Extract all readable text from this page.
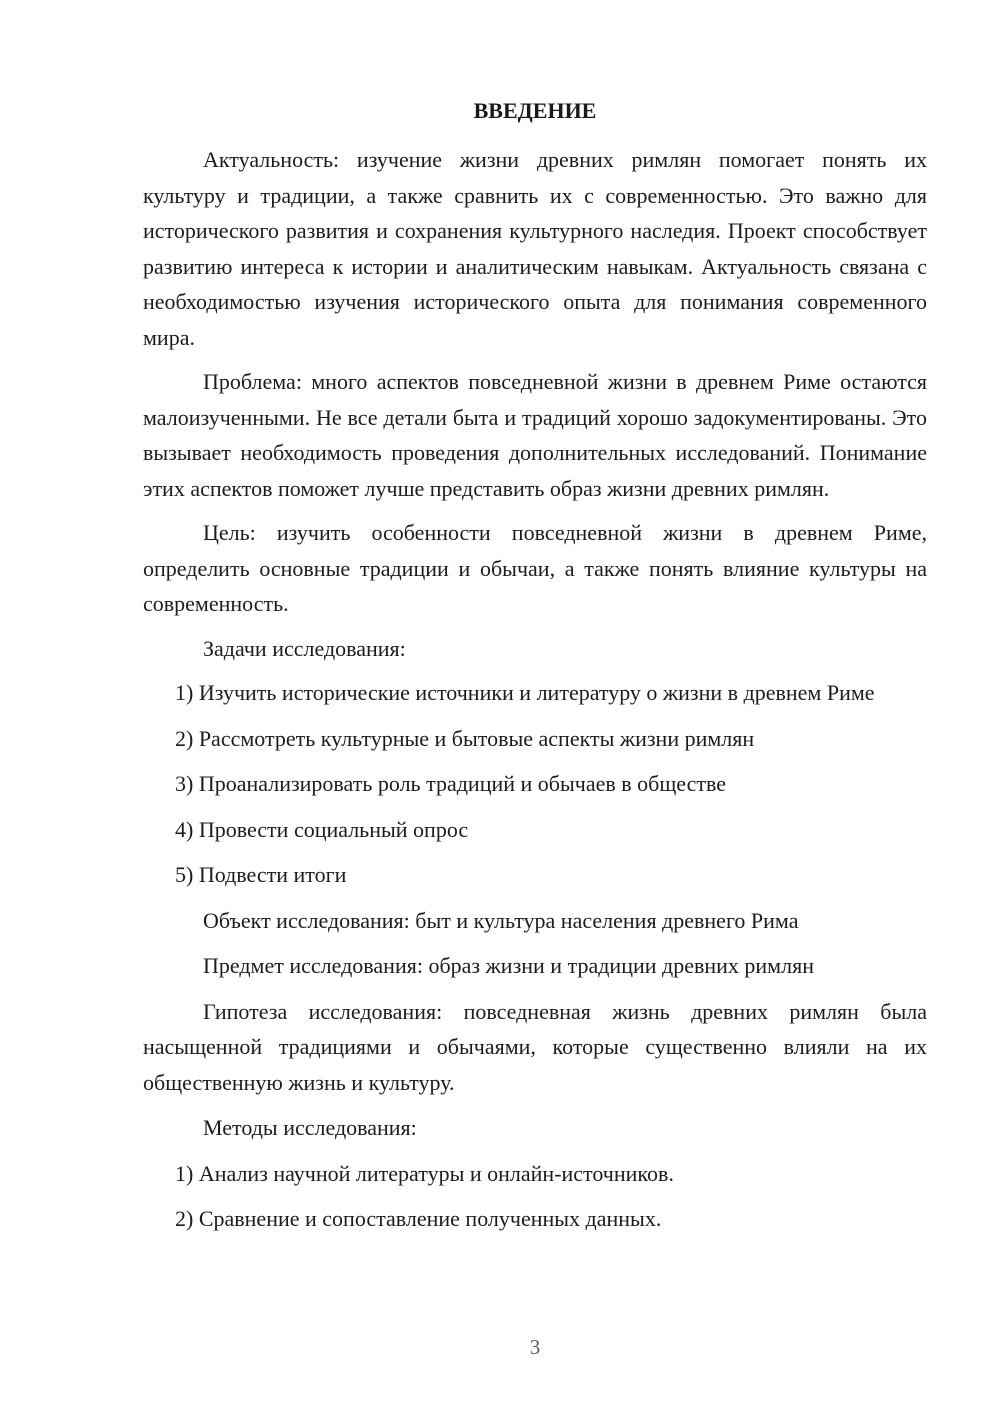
ВВЕДЕНИЕ

Актуальность: изучение жизни древних римлян помогает понять их культуру и традиции, а также сравнить их с современностью. Это важно для исторического развития и сохранения культурного наследия. Проект способствует развитию интереса к истории и аналитическим навыкам. Актуальность связана с необходимостью изучения исторического опыта для понимания современного мира.

Проблема: много аспектов повседневной жизни в древнем Риме остаются малоизученными. Не все детали быта и традиций хорошо задокументированы. Это вызывает необходимость проведения дополнительных исследований. Понимание этих аспектов поможет лучше представить образ жизни древних римлян.

Цель: изучить особенности повседневной жизни в древнем Риме, определить основные традиции и обычаи, а также понять влияние культуры на современность.

Задачи исследования:

1) Изучить исторические источники и литературу о жизни в древнем Риме

2) Рассмотреть культурные и бытовые аспекты жизни римлян

3) Проанализировать роль традиций и обычаев в обществе

4) Провести социальный опрос

5) Подвести итоги

Объект исследования: быт и культура населения древнего Рима

Предмет исследования: образ жизни и традиции древних римлян

Гипотеза исследования: повседневная жизнь древних римлян была насыщенной традициями и обычаями, которые существенно влияли на их общественную жизнь и культуру.

Методы исследования:

1) Анализ научной литературы и онлайн-источников.

2) Сравнение и сопоставление полученных данных.

3
